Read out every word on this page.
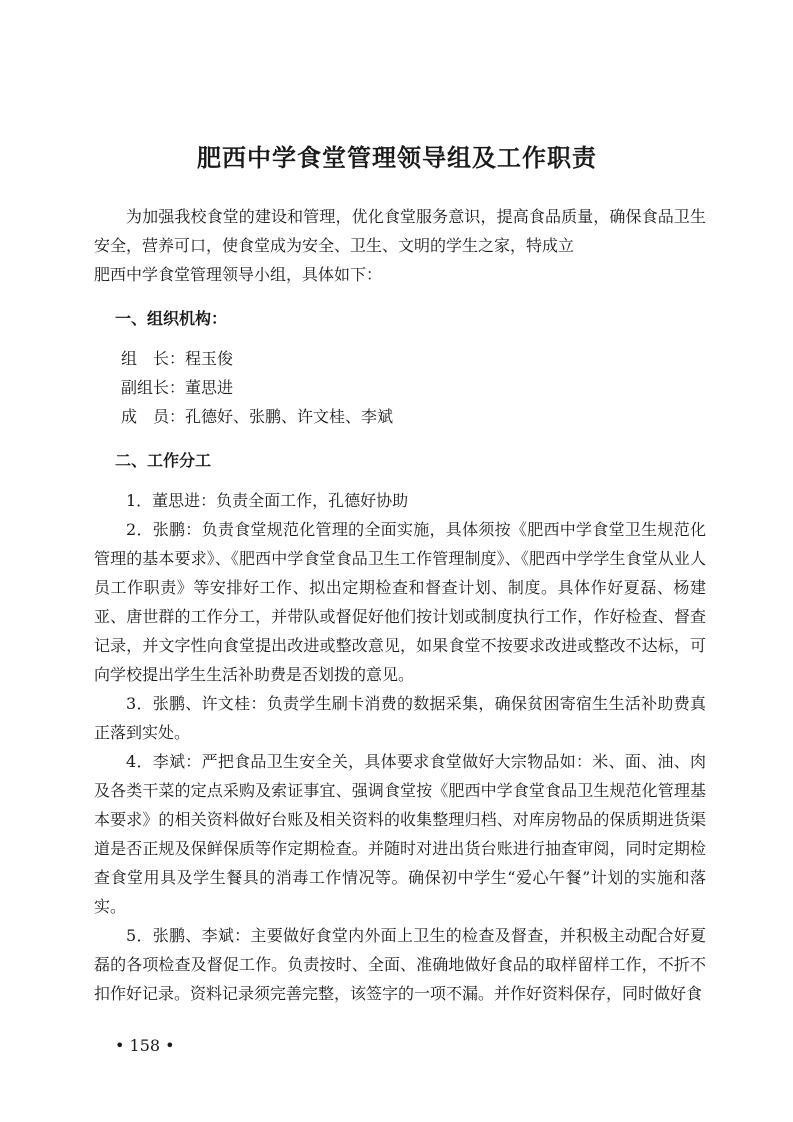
肥西中学食堂管理领导组及工作职责

为加强我校食堂的建设和管理，优化食堂服务意识，提高食品质量，确保食品卫生安全，营养可口，使食堂成为安全、卫生、文明的学生之家，特成立

肥西中学食堂管理领导小组，具体如下：

一、组织机构：

组　长：程玉俊

副组长：董思进

成　员：孔德好、张鹏、许文桂、李斌

二、工作分工

1．董思进：负责全面工作，孔德好协助

2．张鹏：负责食堂规范化管理的全面实施，具体须按《肥西中学食堂卫生规范化管理的基本要求》、《肥西中学食堂食品卫生工作管理制度》、《肥西中学学生食堂从业人员工作职责》等安排好工作、拟出定期检查和督查计划、制度。具体作好夏磊、杨建亚、唐世群的工作分工，并带队或督促好他们按计划或制度执行工作，作好检查、督查记录，并文字性向食堂提出改进或整改意见，如果食堂不按要求改进或整改不达标，可向学校提出学生生活补助费是否划拨的意见。

3．张鹏、许文桂：负责学生刷卡消费的数据采集，确保贫困寄宿生生活补助费真正落到实处。

4．李斌：严把食品卫生安全关，具体要求食堂做好大宗物品如：米、面、油、肉及各类干菜的定点采购及索证事宜、强调食堂按《肥西中学食堂食品卫生规范化管理基本要求》的相关资料做好台账及相关资料的收集整理归档、对库房物品的保质期进货渠道是否正规及保鲜保质等作定期检查。并随时对进出货台账进行抽查审阅，同时定期检查食堂用具及学生餐具的消毒工作情况等。确保初中学生“爱心午餐”计划的实施和落实。

5．张鹏、李斌：主要做好食堂内外面上卫生的检查及督查，并积极主动配合好夏磊的各项检查及督促工作。负责按时、全面、准确地做好食品的取样留样工作，不折不扣作好记录。资料记录须完善完整，该签字的一项不漏。并作好资料保存，同时做好食

• 158 •
